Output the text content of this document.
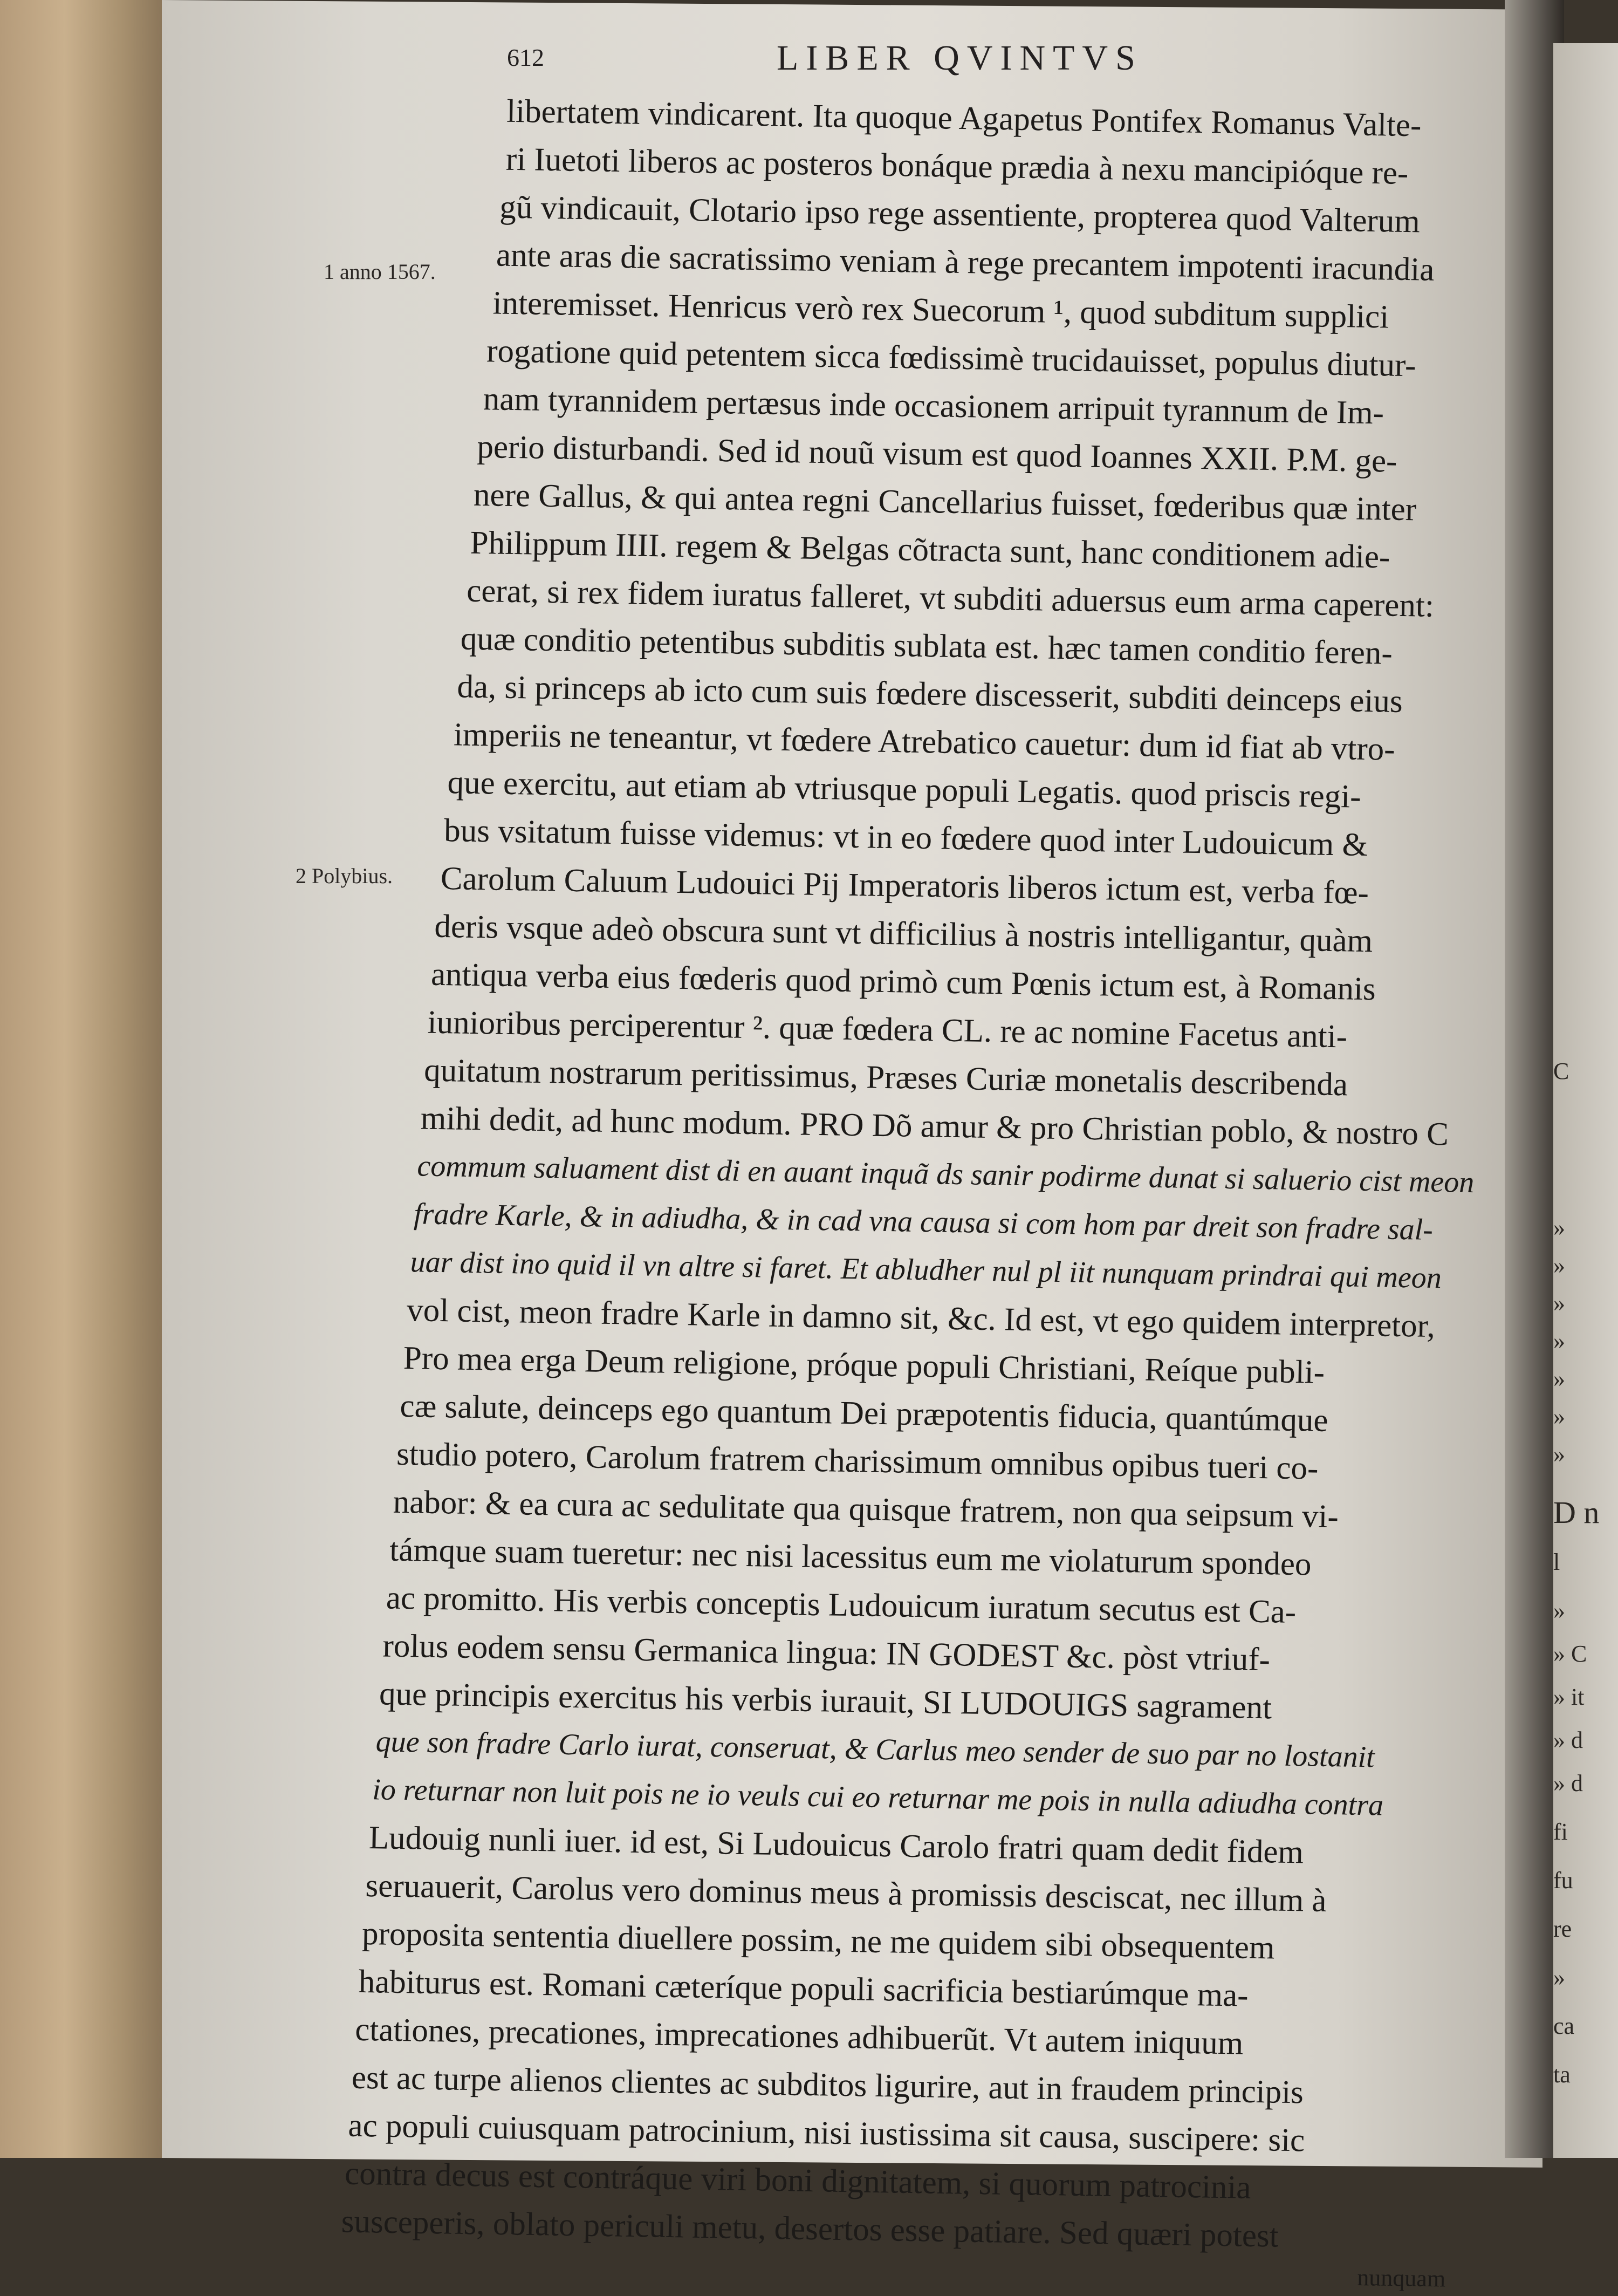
612	LIBER QVINTVS
1 anno 1567.
2 Polybius.
libertatem vindicarent. Ita quoque Agapetus Pontifex Romanus Valte-
ri Iuetoti liberos ac posteros bonáque prædia à nexu mancipióque re-
gũ vindicauit, Clotario ipso rege assentiente, propterea quod Valterum
ante aras die sacratissimo veniam à rege precantem impotenti iracundia
interemisset. Henricus verò rex Suecorum ¹, quod subditum supplici
rogatione quid petentem sicca fœdissimè trucidauisset, populus diutur-
nam tyrannidem pertæsus inde occasionem arripuit tyrannum de Im-
perio disturbandi. Sed id nouũ visum est quod Ioannes XXII. P.M. ge-
nere Gallus, & qui antea regni Cancellarius fuisset, fœderibus quæ inter
Philippum IIII. regem & Belgas cõtracta sunt, hanc conditionem adie-
cerat, si rex fidem iuratus falleret, vt subditi aduersus eum arma caperent:
quæ conditio petentibus subditis sublata est. hæc tamen conditio feren-
da, si princeps ab icto cum suis fœdere discesserit, subditi deinceps eius
imperiis ne teneantur, vt fœdere Atrebatico cauetur: dum id fiat ab vtro-
que exercitu, aut etiam ab vtriusque populi Legatis. quod priscis regi-
bus vsitatum fuisse videmus: vt in eo fœdere quod inter Ludouicum &
Carolum Caluum Ludouici Pij Imperatoris liberos ictum est, verba fœ-
deris vsque adeò obscura sunt vt difficilius à nostris intelligantur, quàm
antiqua verba eius fœderis quod primò cum Pœnis ictum est, à Romanis
iunioribus perciperentur ². quæ fœdera CL. re ac nomine Facetus anti-
quitatum nostrarum peritissimus, Præses Curiæ monetalis describenda
mihi dedit, ad hunc modum. PRO Dõ amur & pro Christian poblo, & nostro C
commum saluament dist di en auant inquã ds sanir podirme dunat si saluerio cist meon
fradre Karle, & in adiudha, & in cad vna causa si com hom par dreit son fradre sal-
uar dist ino quid il vn altre si faret. Et abludher nul pl iit nunquam prindrai qui meon
vol cist, meon fradre Karle in damno sit, &c. Id est, vt ego quidem interpretor,
Pro mea erga Deum religione, próque populi Christiani, Reíque publi-
cæ salute, deinceps ego quantum Dei præpotentis fiducia, quantúmque
studio potero, Carolum fratrem charissimum omnibus opibus tueri co-
nabor: & ea cura ac sedulitate qua quisque fratrem, non qua seipsum vi-
támque suam tueretur: nec nisi lacessitus eum me violaturum spondeo
ac promitto. His verbis conceptis Ludouicum iuratum secutus est Ca-
rolus eodem sensu Germanica lingua: IN GODEST &c. pòst vtriuf-
que principis exercitus his verbis iurauit, SI LUDOUIGS sagrament
que son fradre Carlo iurat, conseruat, & Carlus meo sender de suo par no lostanit
io returnar non luit pois ne io veuls cui eo returnar me pois in nulla adiudha contra
Ludouig nunli iuer. id est, Si Ludouicus Carolo fratri quam dedit fidem
seruauerit, Carolus vero dominus meus à promissis desciscat, nec illum à
proposita sententia diuellere possim, ne me quidem sibi obsequentem
habiturus est. Romani cæteríque populi sacrificia bestiarúmque ma-
ctationes, precationes, imprecationes adhibuerũt. Vt autem iniquum
est ac turpe alienos clientes ac subditos ligurire, aut in fraudem principis
ac populi cuiusquam patrocinium, nisi iustissima sit causa, suscipere: sic
contra decus est contráque viri boni dignitatem, si quorum patrocinia
susceperis, oblato periculi metu, desertos esse patiare. Sed quæri potest
nunquam
C
»
»
»
»
»
»
»
D n
l
»
» C
» it
» d
» d
fi
fu
re
»
ca
ta
